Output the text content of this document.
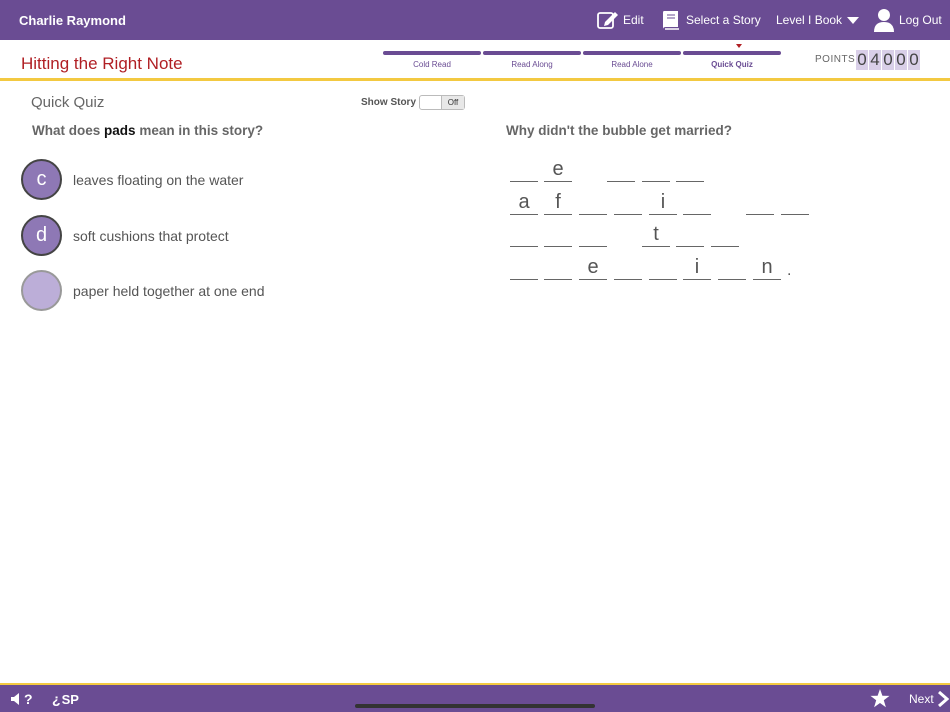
Charlie Raymond	Edit	Select a Story Level I Book	Log Out
Hitting the Right Note	Cold Read	Read Along	Read Alone	Quick Quiz	POINTS 0 4 0 0 0
Quick Quiz	Show Story	Off
What does pads mean in this story?
c	leaves floating on the water
d	soft cushions that protect
paper held together at one end
Why didn't the bubble get married?
e
a	f	i
t
e	i	n .
? ¿ SP	Next
